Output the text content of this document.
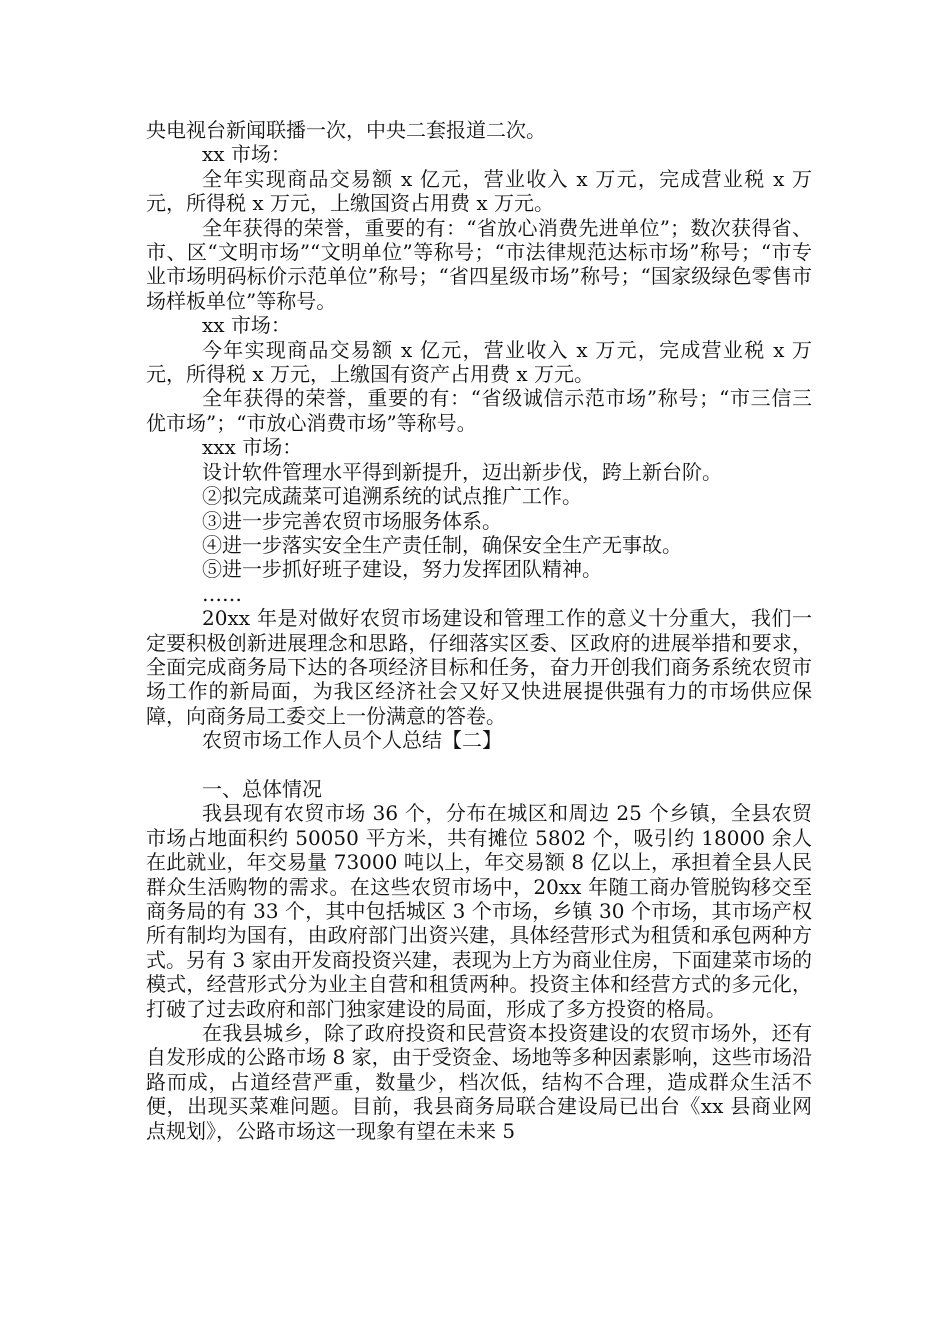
央电视台新闻联播一次，中央二套报道二次。

xx 市场：

全年实现商品交易额 x 亿元，营业收入 x 万元，完成营业税 x 万元，所得税 x 万元，上缴国资占用费 x 万元。

全年获得的荣誉，重要的有：“省放心消费先进单位”；数次获得省、市、区“文明市场”“文明单位”等称号；“市法律规范达标市场”称号；“市专业市场明码标价示范单位”称号；“省四星级市场”称号；“国家级绿色零售市场样板单位”等称号。

xx 市场：

今年实现商品交易额 x 亿元，营业收入 x 万元，完成营业税 x 万元，所得税 x 万元，上缴国有资产占用费 x 万元。

全年获得的荣誉，重要的有：“省级诚信示范市场”称号；“市三信三优市场”；“市放心消费市场”等称号。

xxx 市场：

设计软件管理水平得到新提升，迈出新步伐，跨上新台阶。

②拟完成蔬菜可追溯系统的试点推广工作。

③进一步完善农贸市场服务体系。

④进一步落实安全生产责任制，确保安全生产无事故。

⑤进一步抓好班子建设，努力发挥团队精神。

……

20xx 年是对做好农贸市场建设和管理工作的意义十分重大，我们一定要积极创新进展理念和思路，仔细落实区委、区政府的进展举措和要求，全面完成商务局下达的各项经济目标和任务，奋力开创我们商务系统农贸市场工作的新局面，为我区经济社会又好又快进展提供强有力的市场供应保障，向商务局工委交上一份满意的答卷。

农贸市场工作人员个人总结【二】

一、总体情况

我县现有农贸市场 36 个，分布在城区和周边 25 个乡镇，全县农贸市场占地面积约 50050 平方米，共有摊位 5802 个，吸引约 18000 余人在此就业，年交易量 73000 吨以上，年交易额 8 亿以上，承担着全县人民群众生活购物的需求。在这些农贸市场中，20xx 年随工商办管脱钩移交至商务局的有 33 个，其中包括城区 3 个市场，乡镇 30 个市场，其市场产权所有制均为国有，由政府部门出资兴建，具体经营形式为租赁和承包两种方式。另有 3 家由开发商投资兴建，表现为上方为商业住房，下面建菜市场的模式，经营形式分为业主自营和租赁两种。投资主体和经营方式的多元化，打破了过去政府和部门独家建设的局面，形成了多方投资的格局。

在我县城乡，除了政府投资和民营资本投资建设的农贸市场外，还有自发形成的公路市场 8 家，由于受资金、场地等多种因素影响，这些市场沿路而成，占道经营严重，数量少，档次低，结构不合理，造成群众生活不便，出现买菜难问题。目前，我县商务局联合建设局已出台《xx 县商业网点规划》，公路市场这一现象有望在未来 5
